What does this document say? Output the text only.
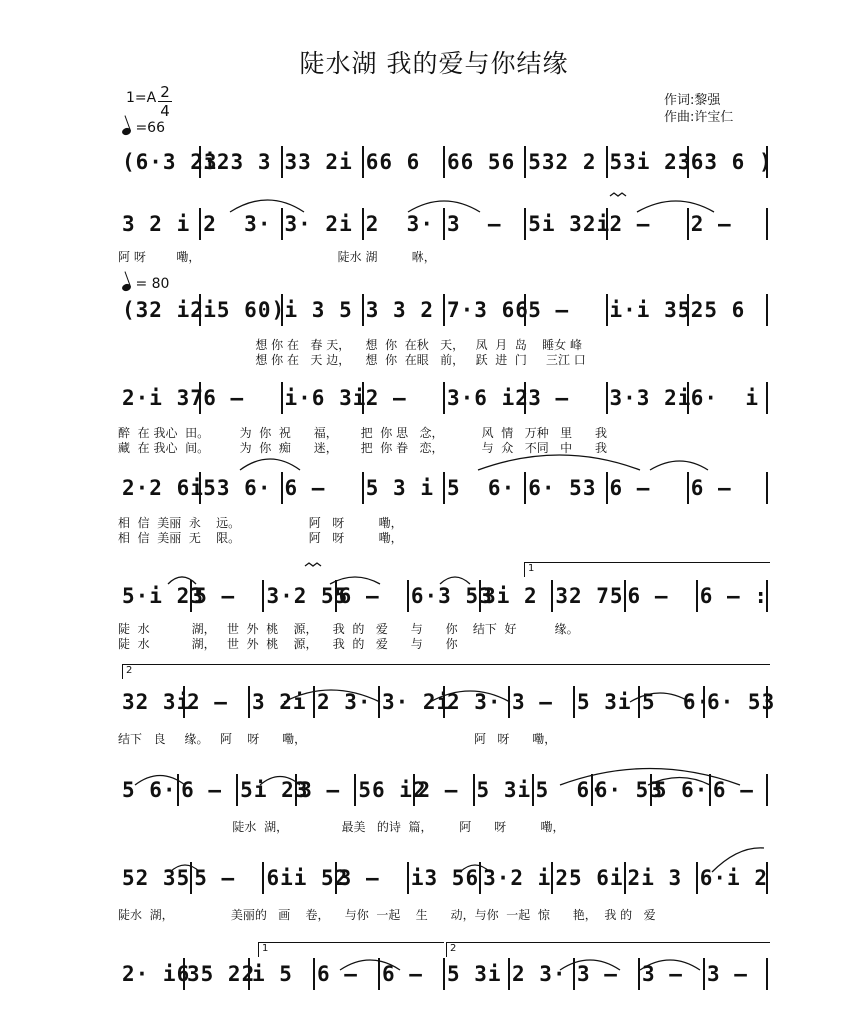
陡水湖 我的爱与你结缘
1=A 2
4
=66
作词:黎强
作曲:许宝仁
(6·3 23
i23 3 33 2i 66 6 66 56 532 2 53i 23 63 6 )
3 2 i 2  3· 3· 2i 2  3· 3  – 5i 32i 2 – 2 –
(32 i2 i5 60) i 3 5 3 3 2 7·3 66 5 – i·i 35 25 6
2·i 37 6 – i·6 3i 2 – 3·6 i2 3 – 3·3 2i 6·  i
2·2 6i 53 6· 6 – 5 3 i 5  6· 6· 53 6 – 6 –
5·i 23
5 – 3·2 55
6 – 6·3 53
3i 2 32 75 6 – 6 – :
32 3i
2 – 3 2i 2 3· 3· 2i
2 3· 3 – 5 3i 5  6·
6· 53
5 6· 6 – 5i 23
3 – 56 i2
2 – 5 3i 5  6·
6· 53
5 6· 6 –
52 35 5 – 6ii 52
3 – i3 56 3·2 i 25 6i 2i 3 6·i 2
2· i6
35 22
i 5 6 – 6 – 5 3i 2 3· 3 – 3 – 3 –
= 80
1
2
1	2
阿 呀        嘞，                                    陡水 湖         咻，
想 你 在   春 天，    想  你  在秋   天，   凤  月  岛    睡女 峰
想 你 在   天 边，    想  你  在眼   前，   跃  进  门     三江 口
醉  在 我心  田。        为  你  祝      福，      把  你 思   念，          风  情   万种   里      我
藏  在 我心  间。        为  你  痴      迷，      把  你 眷   恋，          与  众   不同   中      我
相  信  美丽  永    远。                  阿   呀         嘞，
相  信  美丽  无    限。                  阿   呀         嘞，
陡  水           湖，   世  外  桃    源，    我  的   爱      与      你    结下  好          缘。
陡  水           湖，   世  外  桃    源，    我  的   爱      与      你
结下   良     缘。   阿    呀      嘞，                                            阿   呀      嘞，
陡水  湖，              最美   的诗  篇，       阿      呀         嘞，
陡水  湖，               美丽的   画    卷，    与你  一起    生      动，与你  一起  惊      艳，  我 的   爱
